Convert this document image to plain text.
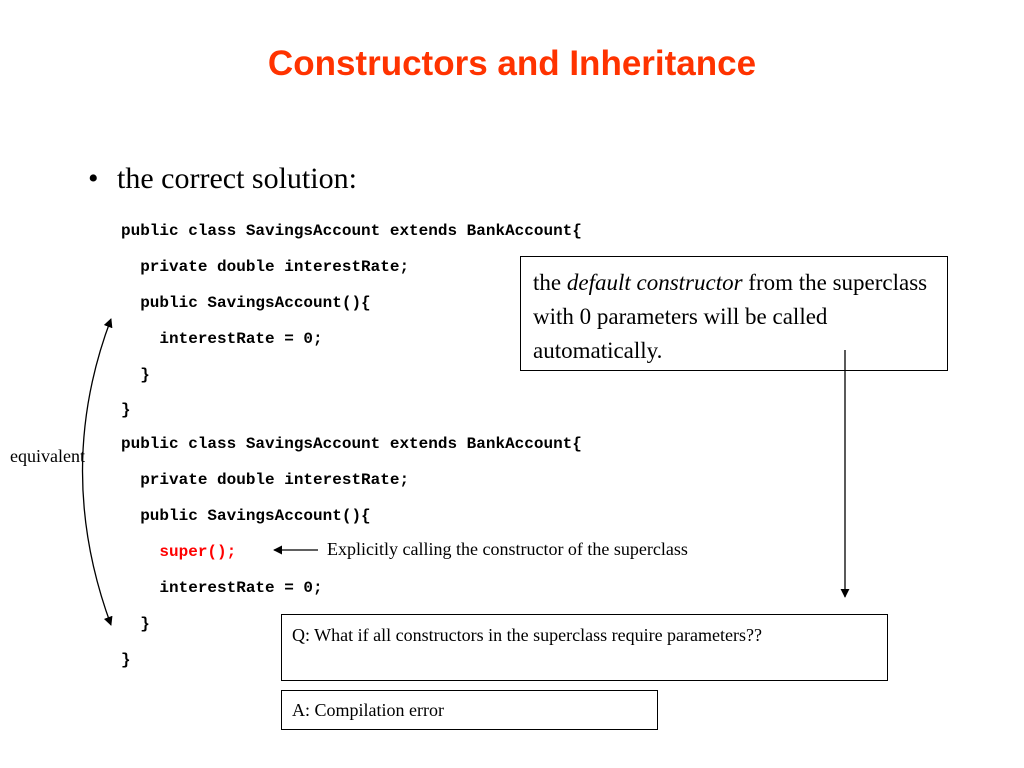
Constructors and Inheritance
• the correct solution:
public class SavingsAccount extends BankAccount{
private double interestRate;
public SavingsAccount(){
interestRate = 0;
}
}
public class SavingsAccount extends BankAccount{
private double interestRate;
public SavingsAccount(){
super();
interestRate = 0;
}
}
equivalent
Explicitly calling the constructor of the superclass
the default constructor from the superclass with 0 parameters will be called automatically.
Q: What if all constructors in the superclass require parameters??
A: Compilation error
